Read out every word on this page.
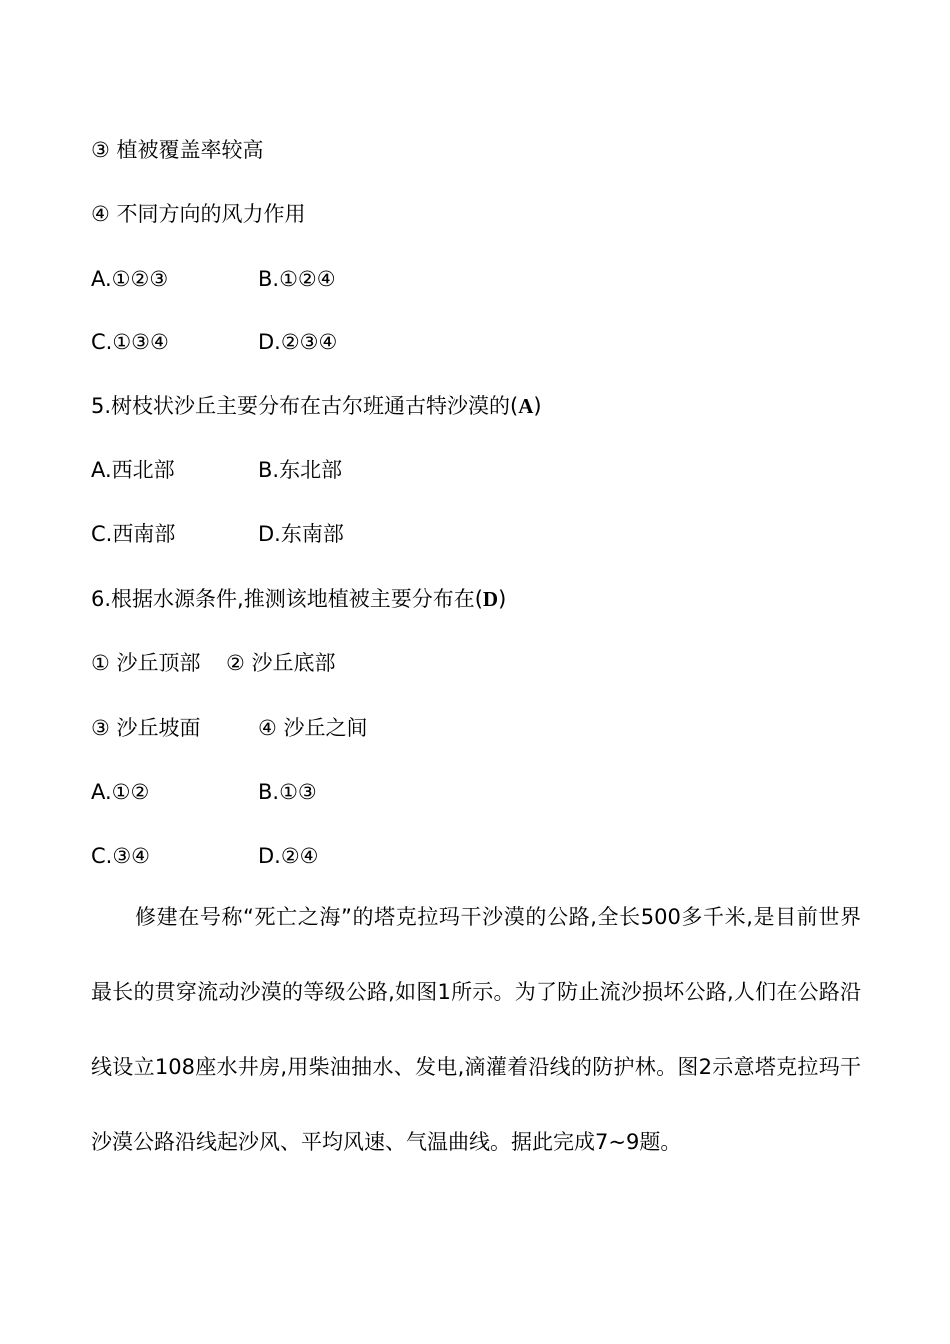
③ 植被覆盖率较高
④ 不同方向的风力作用
A.①②③	B.①②④
C.①③④	D.②③④
5.树枝状沙丘主要分布在古尔班通古特沙漠的(A)
A.西北部	B.东北部
C.西南部	D.东南部
6.根据水源条件,推测该地植被主要分布在(D)
① 沙丘顶部 ② 沙丘底部
③ 沙丘坡面	④ 沙丘之间
A.①②	B.①③
C.③④	D.②④
修建在号称“死亡之海”的塔克拉玛干沙漠的公路,全长500多千米,是目前世界最长的贯穿流动沙漠的等级公路,如图1所示。为了防止流沙损坏公路,人们在公路沿线设立108座水井房,用柴油抽水、发电,滴灌着沿线的防护林。图2示意塔克拉玛干沙漠公路沿线起沙风、平均风速、气温曲线。据此完成7~9题。
